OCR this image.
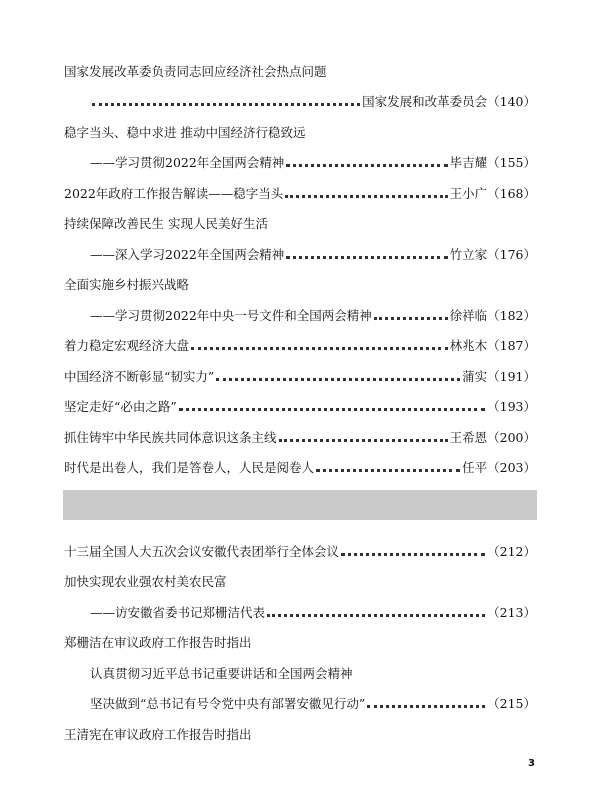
国家发展改革委负责同志回应经济社会热点问题
国家发展和改革委员会（140）
稳字当头、稳中求进 推动中国经济行稳致远
——学习贯彻2022年全国两会精神	毕吉耀（155）
2022年政府工作报告解读——稳字当头	王小广（168）
持续保障改善民生 实现人民美好生活
——深入学习2022年全国两会精神	竹立家（176）
全面实施乡村振兴战略
——学习贯彻2022年中央一号文件和全国两会精神	徐祥临（182）
着力稳定宏观经济大盘	林兆木（187）
中国经济不断彰显“韧实力”	蒲实（191）
坚定走好“必由之路”	（193）
抓住铸牢中华民族共同体意识这条主线	王希恩（200）
时代是出卷人，我们是答卷人，人民是阅卷人	任平（203）
十三届全国人大五次会议安徽代表团举行全体会议	（212）
加快实现农业强农村美农民富
——访安徽省委书记郑栅洁代表	（213）
郑栅洁在审议政府工作报告时指出
认真贯彻习近平总书记重要讲话和全国两会精神
坚决做到“总书记有号令党中央有部署安徽见行动”	（215）
王清宪在审议政府工作报告时指出
3
